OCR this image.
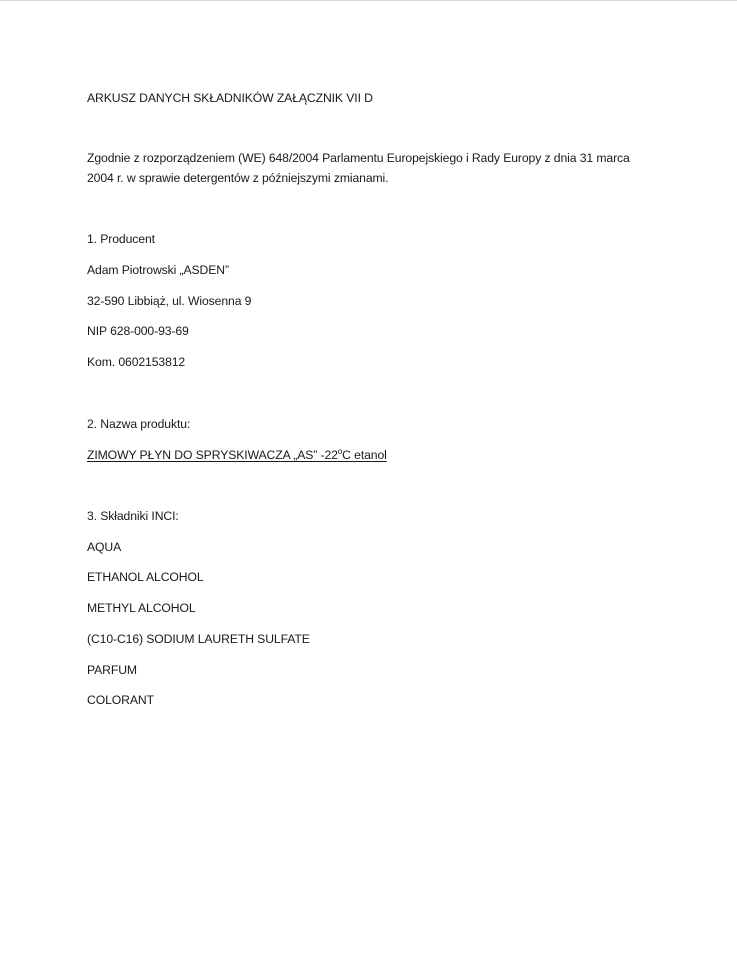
ARKUSZ DANYCH SKŁADNIKÓW ZAŁĄCZNIK VII D
Zgodnie z rozporządzeniem (WE) 648/2004 Parlamentu Europejskiego i Rady Europy z dnia 31 marca 2004 r. w sprawie detergentów z późniejszymi zmianami.
1. Producent
Adam Piotrowski „ASDEN”
32-590 Libbiąż, ul. Wiosenna 9
NIP 628-000-93-69
Kom. 0602153812
2. Nazwa produktu:
ZIMOWY PŁYN DO SPRYSKIWACZA „AS” -22$^o$C etanol
3. Składniki INCI:
AQUA
ETHANOL ALCOHOL
METHYL ALCOHOL
(C10-C16) SODIUM LAURETH SULFATE
PARFUM
COLORANT
